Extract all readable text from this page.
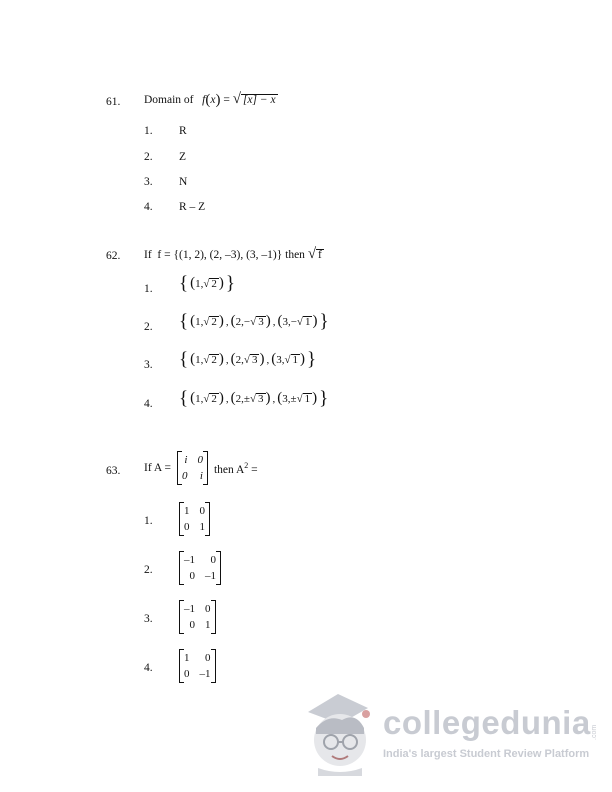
61. Domain of f(x) = √ [x] − x
1. R
2. Z
3. N
4. R – Z
62. If f = {(1, 2), (2, –3), (3, –1)} then √ f
1. { ( 1 , √ 2 ) }
2. { ( 1 , √ 2 ) , ( 2 , − √ 3 ) , ( 3 , − √ 1 ) }
3. { ( 1 , √ 2 ) , ( 2 , √ 3 ) , ( 3 , √ 1 ) }
4. { ( 1 , √ 2 ) , ( 2 , ± √ 3 ) , ( 3 , ± √ 1 ) }
63. If A =
i 0
0 i
then $A^2$ =
1.
1 0
0 1
2.
–1	0
0 –1
3.
–1 0
0 1
4.
1	0
0 –1
collegedunia .com
India's largest Student Review Platform
